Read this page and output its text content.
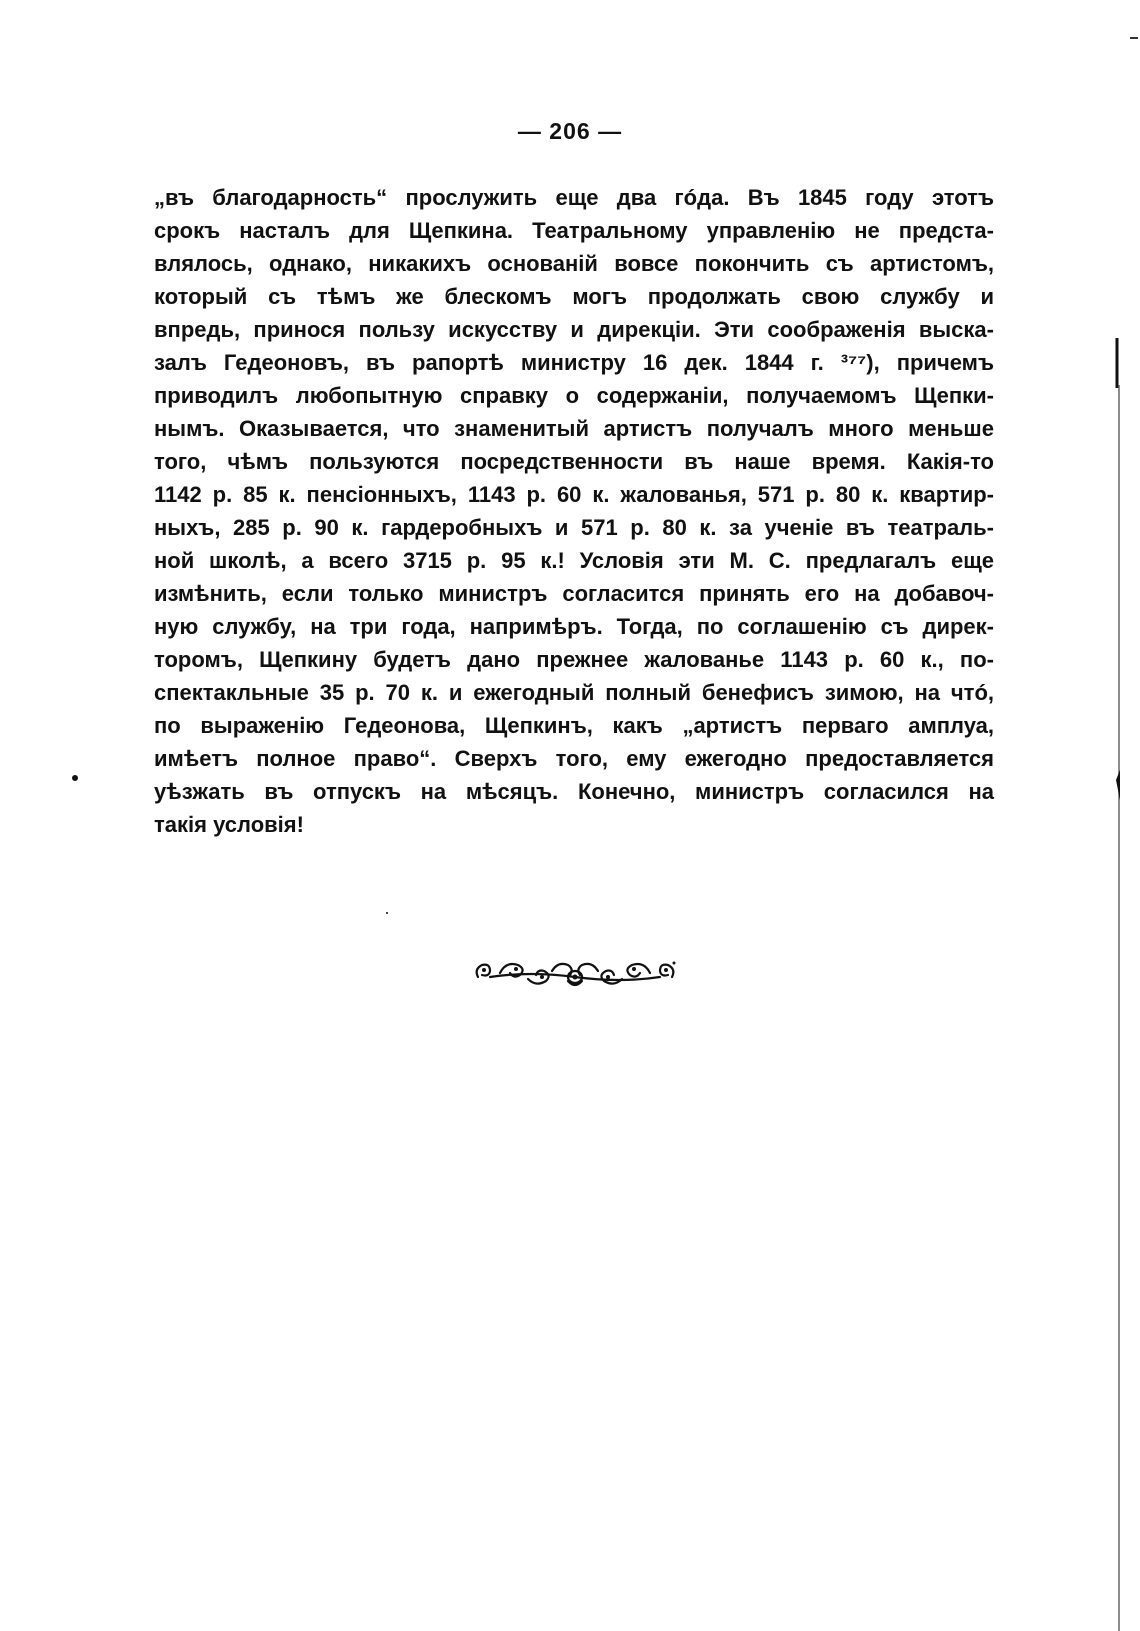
— 206 —
„въ благодарность“ прослужить еще два гóда. Въ 1845 году этотъ
срокъ насталъ для Щепкина. Театральному управленію не предста-
влялось, однако, никакихъ основаній вовсе покончить съ артистомъ,
который съ тѣмъ же блескомъ могъ продолжать свою службу и
впредь, принося пользу искусству и дирекціи. Эти соображенія выска-
залъ Гедеоновъ, въ рапортѣ министру 16 дек. 1844 г. ³⁷⁷), причемъ
приводилъ любопытную справку о содержаніи, получаемомъ Щепки-
нымъ. Оказывается, что знаменитый артистъ получалъ много меньше
того, чѣмъ пользуются посредственности въ наше время. Какія-то
1142 р. 85 к. пенсіонныхъ, 1143 р. 60 к. жалованья, 571 р. 80 к. квартир-
ныхъ, 285 р. 90 к. гардеробныхъ и 571 р. 80 к. за ученіе въ театраль-
ной школѣ, а всего 3715 р. 95 к.! Условія эти М. С. предлагалъ еще
измѣнить, если только министръ согласится принять его на добавоч-
ную службу, на три года, напримѣръ. Тогда, по соглашенію съ дирек-
торомъ, Щепкину будетъ дано прежнее жалованье 1143 р. 60 к., по-
спектакльные 35 р. 70 к. и ежегодный полный бенефисъ зимою, на чтó,
по выраженію Гедеонова, Щепкинъ, какъ „артистъ перваго амплуа,
имѣетъ полное право“. Сверхъ того, ему ежегодно предоставляется
уѣзжать въ отпускъ на мѣсяцъ. Конечно, министръ согласился на
такія условія!
